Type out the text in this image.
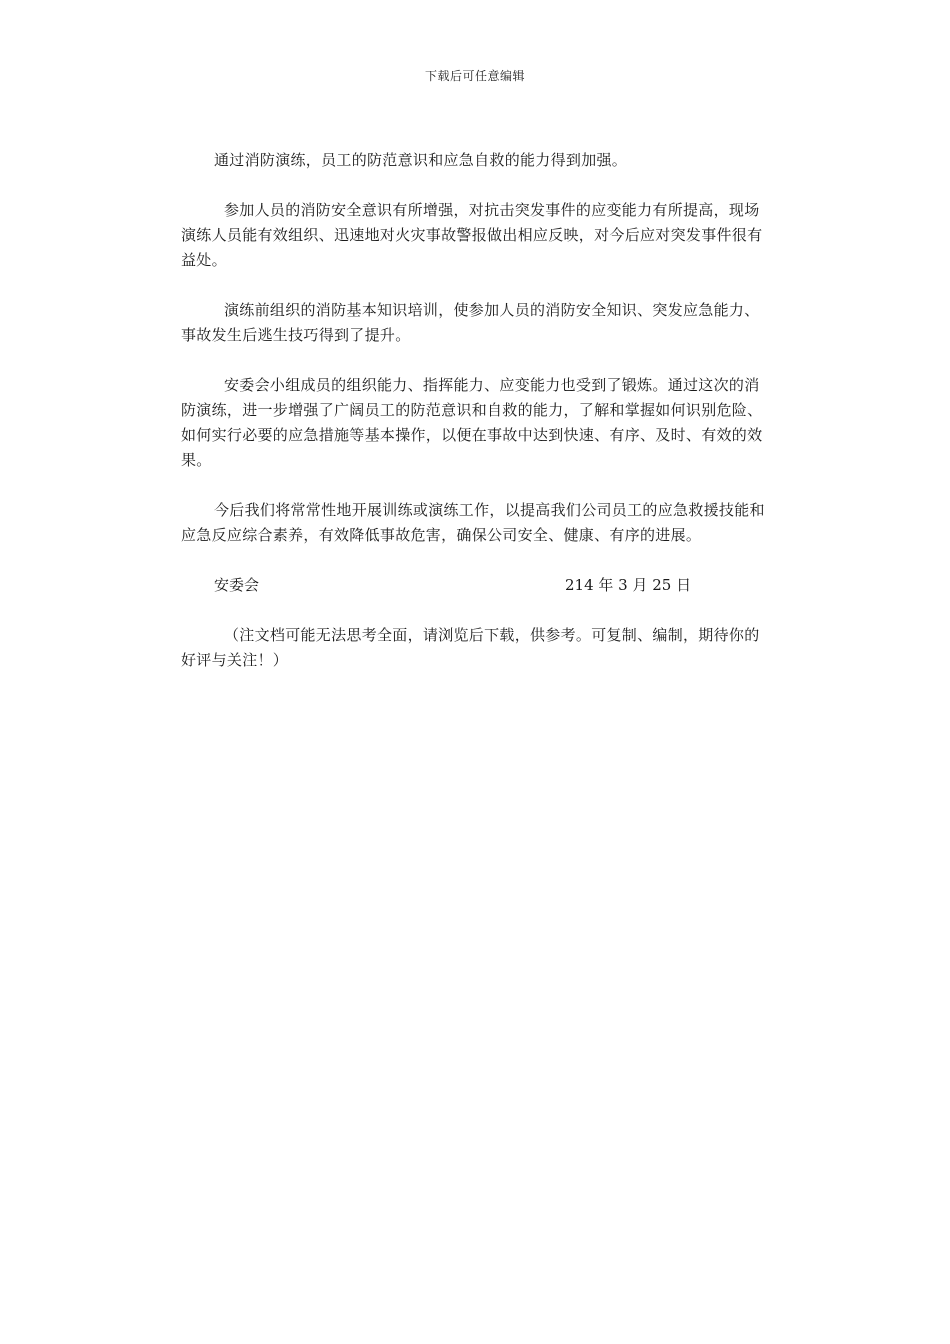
下载后可任意编辑

通过消防演练，员工的防范意识和应急自救的能力得到加强。

参加人员的消防安全意识有所增强，对抗击突发事件的应变能力有所提高，现场演练人员能有效组织、迅速地对火灾事故警报做出相应反映，对今后应对突发事件很有益处。

演练前组织的消防基本知识培训，使参加人员的消防安全知识、突发应急能力、事故发生后逃生技巧得到了提升。

安委会小组成员的组织能力、指挥能力、应变能力也受到了锻炼。通过这次的消防演练，进一步增强了广阔员工的防范意识和自救的能力，了解和掌握如何识别危险、如何实行必要的应急措施等基本操作，以便在事故中达到快速、有序、及时、有效的效果。

今后我们将常常性地开展训练或演练工作，以提高我们公司员工的应急救援技能和应急反应综合素养，有效降低事故危害，确保公司安全、健康、有序的进展。

安委会	214 年 3 月 25 日

（注文档可能无法思考全面，请浏览后下载，供参考。可复制、编制，期待你的好评与关注！）
